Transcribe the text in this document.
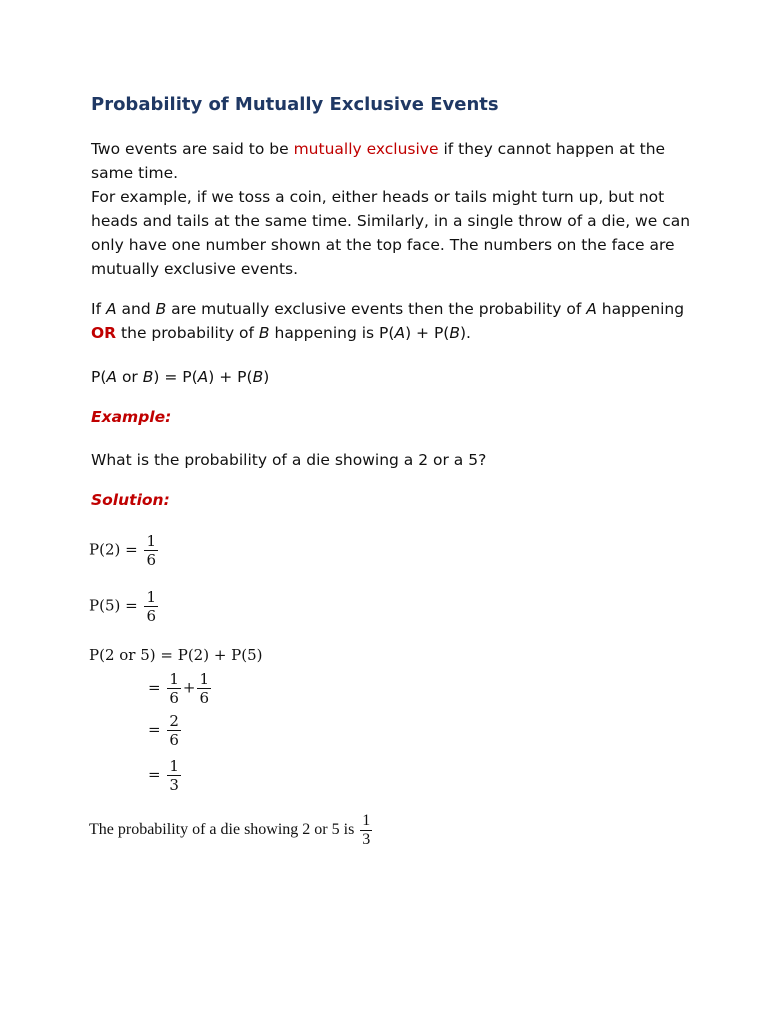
Probability of Mutually Exclusive Events
Two events are said to be mutually exclusive if they cannot happen at the same time.
For example, if we toss a coin, either heads or tails might turn up, but not heads and tails at the same time. Similarly, in a single throw of a die, we can only have one number shown at the top face. The numbers on the face are mutually exclusive events.
If A and B are mutually exclusive events then the probability of A happening OR the probability of B happening is P(A) + P(B).
P(A or B) = P(A) + P(B)
Example:
What is the probability of a die showing a 2 or a 5?
Solution:
$P(2) = \frac{1}{6}$
$P(5) = \frac{1}{6}$
P(2 or 5) = P(2) + P(5)
= $\frac{1}{6} + \frac{1}{6}$
= $\frac{2}{6}$
= $\frac{1}{3}$
The probability of a die showing 2 or 5 is $\frac{1}{3}$
